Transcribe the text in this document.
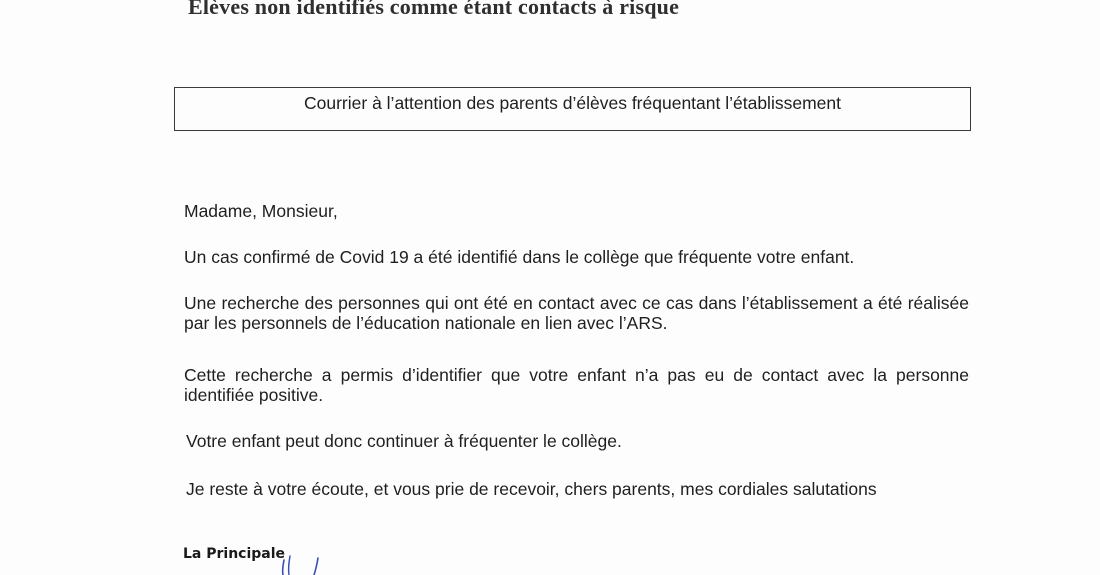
Elèves non identifiés comme étant contacts à risque
Courrier à l’attention des parents d’élèves fréquentant l’établissement
Madame, Monsieur,
Un cas confirmé de Covid 19 a été identifié dans le collège que fréquente votre enfant.
Une recherche des personnes qui ont été en contact avec ce cas dans l’établissement a été réalisée par les personnels de l’éducation nationale en lien avec l’ARS.
Cette recherche a permis d’identifier que votre enfant n’a pas eu de contact avec la personne identifiée positive.
Votre enfant peut donc continuer à fréquenter le collège.
Je reste à votre écoute, et vous prie de recevoir, chers parents, mes cordiales salutations
La Principale
